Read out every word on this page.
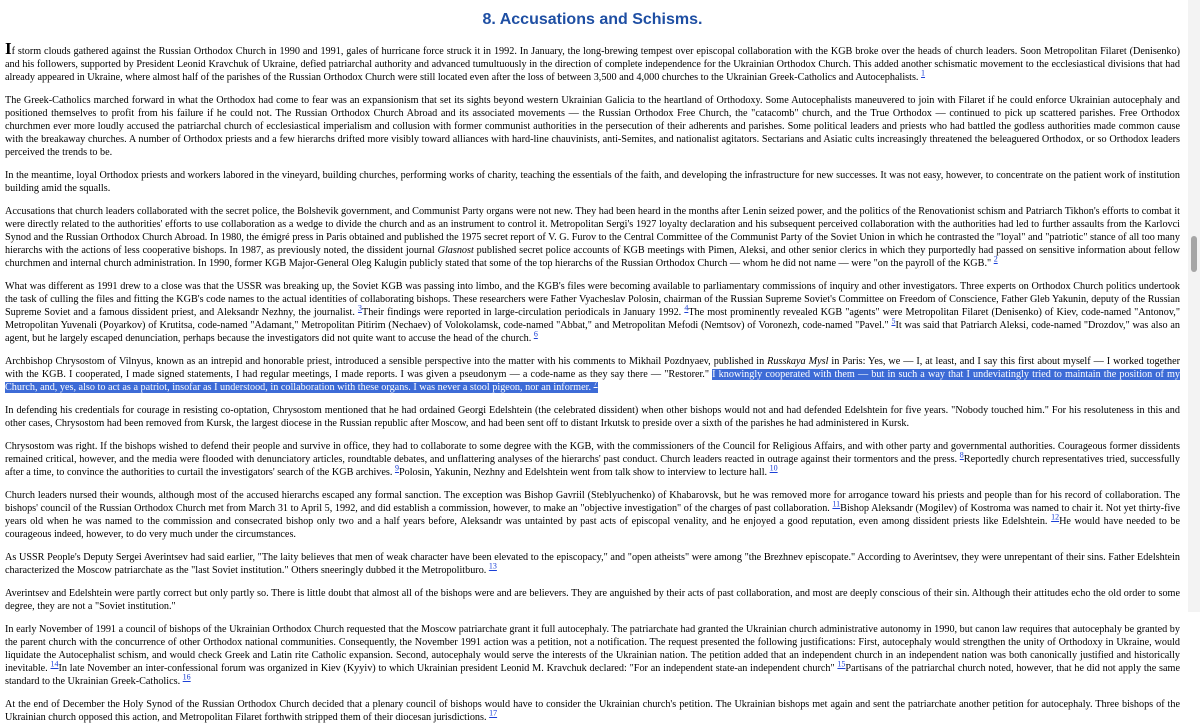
8. Accusations and Schisms.

If storm clouds gathered against the Russian Orthodox Church in 1990 and 1991, gales of hurricane force struck it in 1992. In January, the long-brewing tempest over episcopal collaboration with the KGB broke over the heads of church leaders. Soon Metropolitan Filaret (Denisenko) and his followers, supported by President Leonid Kravchuk of Ukraine, defied patriarchal authority and advanced tumultuously in the direction of complete independence for the Ukrainian Orthodox Church. This added another schismatic movement to the ecclesiastical divisions that had already appeared in Ukraine, where almost half of the parishes of the Russian Orthodox Church were still located even after the loss of between 3,500 and 4,000 churches to the Ukrainian Greek-Catholics and Autocephalists. $^1$

The Greek-Catholics marched forward in what the Orthodox had come to fear was an expansionism that set its sights beyond western Ukrainian Galicia to the heartland of Orthodoxy. Some Autocephalists maneuvered to join with Filaret if he could enforce Ukrainian autocephaly and positioned themselves to profit from his failure if he could not. The Russian Orthodox Church Abroad and its associated movements — the Russian Orthodox Free Church, the "catacomb" church, and the True Orthodox — continued to pick up scattered parishes. Free Orthodox churchmen ever more loudly accused the patriarchal church of ecclesiastical imperialism and collusion with former communist authorities in the persecution of their adherents and parishes. Some political leaders and priests who had battled the godless authorities made common cause with the breakaway churches. A number of Orthodox priests and a few hierarchs drifted more visibly toward alliances with hard-line chauvinists, anti-Semites, and nationalist agitators. Sectarians and Asiatic cults increasingly threatened the beleaguered Orthodox, or so Orthodox leaders perceived the trends to be.

In the meantime, loyal Orthodox priests and workers labored in the vineyard, building churches, performing works of charity, teaching the essentials of the faith, and developing the infrastructure for new successes. It was not easy, however, to concentrate on the patient work of institution building amid the squalls.

Accusations that church leaders collaborated with the secret police, the Bolshevik government, and Communist Party organs were not new. They had been heard in the months after Lenin seized power, and the politics of the Renovationist schism and Patriarch Tikhon's efforts to combat it were directly related to the authorities' efforts to use collaboration as a wedge to divide the church and as an instrument to control it. Metropolitan Sergi's 1927 loyalty declaration and his subsequent perceived collaboration with the authorities had led to further assaults from the Karlovci Synod and the Russian Orthodox Church Abroad. In 1980, the émigré press in Paris obtained and published the 1975 secret report of V. G. Furov to the Central Committee of the Communist Party of the Soviet Union in which he contrasted the "loyal" and "patriotic" stance of all too many hierarchs with the actions of less cooperative bishops. In 1987, as previously noted, the dissident journal Glasnost published secret police accounts of KGB meetings with Pimen, Aleksi, and other senior clerics in which they purportedly had passed on sensitive information about fellow churchmen and internal church administration. In 1990, former KGB Major-General Oleg Kalugin publicly stated that some of the top hierarchs of the Russian Orthodox Church — whom he did not name — were "on the payroll of the KGB." $^2$

What was different as 1991 drew to a close was that the USSR was breaking up, the Soviet KGB was passing into limbo, and the KGB's files were becoming available to parliamentary commissions of inquiry and other investigators. Three experts on Orthodox Church politics undertook the task of culling the files and fitting the KGB's code names to the actual identities of collaborating bishops. These researchers were Father Vyacheslav Polosin, chairman of the Russian Supreme Soviet's Committee on Freedom of Conscience, Father Gleb Yakunin, deputy of the Russian Supreme Soviet and a famous dissident priest, and Aleksandr Nezhny, the journalist. $^3$Their findings were reported in large-circulation periodicals in January 1992. $^4$The most prominently revealed KGB "agents" were Metropolitan Filaret (Denisenko) of Kiev, code-named "Antonov," Metropolitan Yuvenali (Poyarkov) of Krutitsa, code-named "Adamant," Metropolitan Pitirim (Nechaev) of Volokolamsk, code-named "Abbat," and Metropolitan Mefodi (Nemtsov) of Voronezh, code-named "Pavel." $^5$It was said that Patriarch Aleksi, code-named "Drozdov," was also an agent, but he largely escaped denunciation, perhaps because the investigators did not quite want to accuse the head of the church. $^6$

Archbishop Chrysostom of Vilnyus, known as an intrepid and honorable priest, introduced a sensible perspective into the matter with his comments to Mikhail Pozdnyaev, published in Russkaya Mysl in Paris: Yes, we — I, at least, and I say this first about myself — I worked together with the KGB. I cooperated, I made signed statements, I had regular meetings, I made reports. I was given a pseudonym — a code-name as they say there — "Restorer." I knowingly cooperated with them — but in such a way that I undeviatingly tried to maintain the position of my Church, and, yes, also to act as a patriot, insofar as I understood, in collaboration with these organs. I was never a stool pigeon, nor an informer. $^7$

In defending his credentials for courage in resisting co-optation, Chrysostom mentioned that he had ordained Georgi Edelshtein (the celebrated dissident) when other bishops would not and had defended Edelshtein for five years. "Nobody touched him." For his resoluteness in this and other cases, Chrysostom had been removed from Kursk, the largest diocese in the Russian republic after Moscow, and had been sent off to distant Irkutsk to preside over a sixth of the parishes he had administered in Kursk.

Chrysostom was right. If the bishops wished to defend their people and survive in office, they had to collaborate to some degree with the KGB, with the commissioners of the Council for Religious Affairs, and with other party and governmental authorities. Courageous former dissidents remained critical, however, and the media were flooded with denunciatory articles, roundtable debates, and unflattering analyses of the hierarchs' past conduct. Church leaders reacted in outrage against their tormentors and the press. $^8$Reportedly church representatives tried, successfully after a time, to convince the authorities to curtail the investigators' search of the KGB archives. $^9$Polosin, Yakunin, Nezhny and Edelshtein went from talk show to interview to lecture hall. $^{10}$

Church leaders nursed their wounds, although most of the accused hierarchs escaped any formal sanction. The exception was Bishop Gavriil (Steblyuchenko) of Khabarovsk, but he was removed more for arrogance toward his priests and people than for his record of collaboration. The bishops' council of the Russian Orthodox Church met from March 31 to April 5, 1992, and did establish a commission, however, to make an "objective investigation" of the charges of past collaboration. $^{11}$Bishop Aleksandr (Mogilev) of Kostroma was named to chair it. Not yet thirty-five years old when he was named to the commission and consecrated bishop only two and a half years before, Aleksandr was untainted by past acts of episcopal venality, and he enjoyed a good reputation, even among dissident priests like Edelshtein. $^{12}$He would have needed to be courageous indeed, however, to do very much under the circumstances.

As USSR People's Deputy Sergei Averintsev had said earlier, "The laity believes that men of weak character have been elevated to the episcopacy," and "open atheists" were among "the Brezhnev episcopate." According to Averintsev, they were unrepentant of their sins. Father Edelshtein characterized the Moscow patriarchate as the "last Soviet institution." Others sneeringly dubbed it the Metropolitburo. $^{13}$

Averintsev and Edelshtein were partly correct but only partly so. There is little doubt that almost all of the bishops were and are believers. They are anguished by their acts of past collaboration, and most are deeply conscious of their sin. Although their attitudes echo the old order to some degree, they are not a "Soviet institution."

In early November of 1991 a council of bishops of the Ukrainian Orthodox Church requested that the Moscow patriarchate grant it full autocephaly. The patriarchate had granted the Ukrainian church administrative autonomy in 1990, but canon law requires that autocephaly be granted by the parent church with the concurrence of other Orthodox national communities. Consequently, the November 1991 action was a petition, not a notification. The request presented the following justifications: First, autocephaly would strengthen the unity of Orthodoxy in Ukraine, would liquidate the Autocephalist schism, and would check Greek and Latin rite Catholic expansion. Second, autocephaly would serve the interests of the Ukrainian nation. The petition added that an independent church in an independent nation was both canonically justified and historically inevitable. $^{14}$In late November an inter-confessional forum was organized in Kiev (Kyyiv) to which Ukrainian president Leonid M. Kravchuk declared: "For an independent state-an independent church" $^{15}$Partisans of the patriarchal church noted, however, that he did not apply the same standard to the Ukrainian Greek-Catholics. $^{16}$

At the end of December the Holy Synod of the Russian Orthodox Church decided that a plenary council of bishops would have to consider the Ukrainian church's petition. The Ukrainian bishops met again and sent the patriarchate another petition for autocephaly. Three bishops of the Ukrainian church opposed this action, and Metropolitan Filaret forthwith stripped them of their diocesan jurisdictions. $^{17}$
